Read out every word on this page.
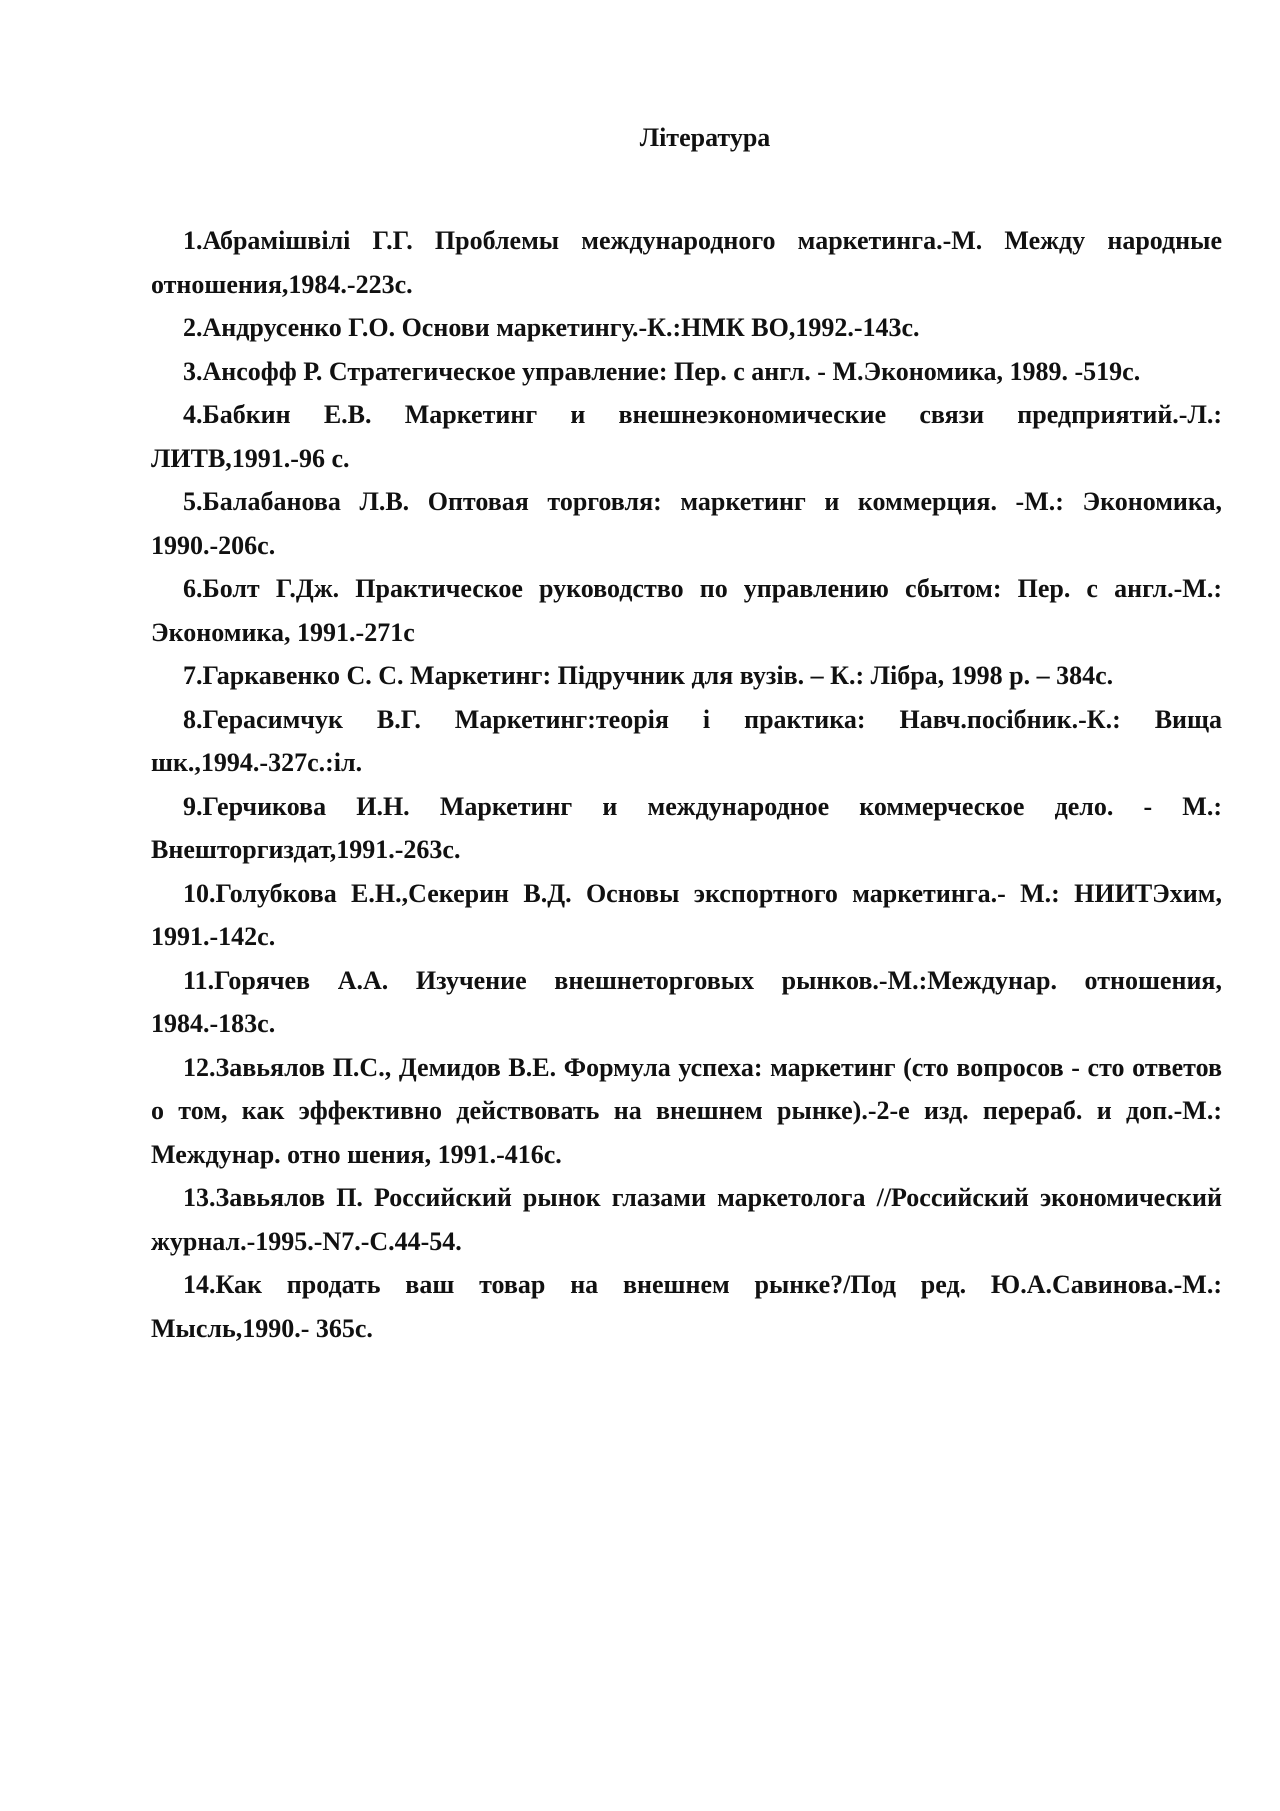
Література
1.Абрамішвілі Г.Г. Проблемы международного маркетинга.-М. Между народные отношения,1984.-223с.
2.Андрусенко Г.О. Основи маркетингу.-К.:НМК ВО,1992.-143с.
3.Ансофф Р. Стратегическое управление: Пер. с англ. - М.Экономика, 1989. -519с.
4.Бабкин Е.В. Маркетинг и внешнеэкономические связи предприятий.-Л.: ЛИТВ,1991.-96 с.
5.Балабанова Л.В. Оптовая торговля: маркетинг и коммерция. -М.: Экономика, 1990.-206с.
6.Болт Г.Дж. Практическое руководство по управлению сбытом: Пер. с англ.-М.: Экономика, 1991.-271с
7.Гаркавенко С. С. Маркетинг: Підручник для вузів. – К.: Лібра, 1998 р. – 384с.
8.Герасимчук В.Г. Маркетинг:теорія і практика: Навч.посібник.-К.: Вища шк.,1994.-327с.:іл.
9.Герчикова И.Н. Маркетинг и международное коммерческое дело. - М.: Внешторгиздат,1991.-263с.
10.Голубкова Е.Н.,Секерин В.Д. Основы экспортного маркетинга.- М.: НИИТЭхим, 1991.-142с.
11.Горячев А.А. Изучение внешнеторговых рынков.-М.:Междунар. отношения, 1984.-183с.
12.Завьялов П.С., Демидов В.Е. Формула успеха: маркетинг (сто вопросов - сто ответов о том, как эффективно действовать на внешнем рынке).-2-е изд. перераб. и доп.-М.: Междунар. отно шения, 1991.-416с.
13.Завьялов П. Российский рынок глазами маркетолога //Российский экономический журнал.-1995.-N7.-С.44-54.
14.Как продать ваш товар на внешнем рынке?/Под ред. Ю.А.Савинова.-М.: Мысль,1990.- 365с.
